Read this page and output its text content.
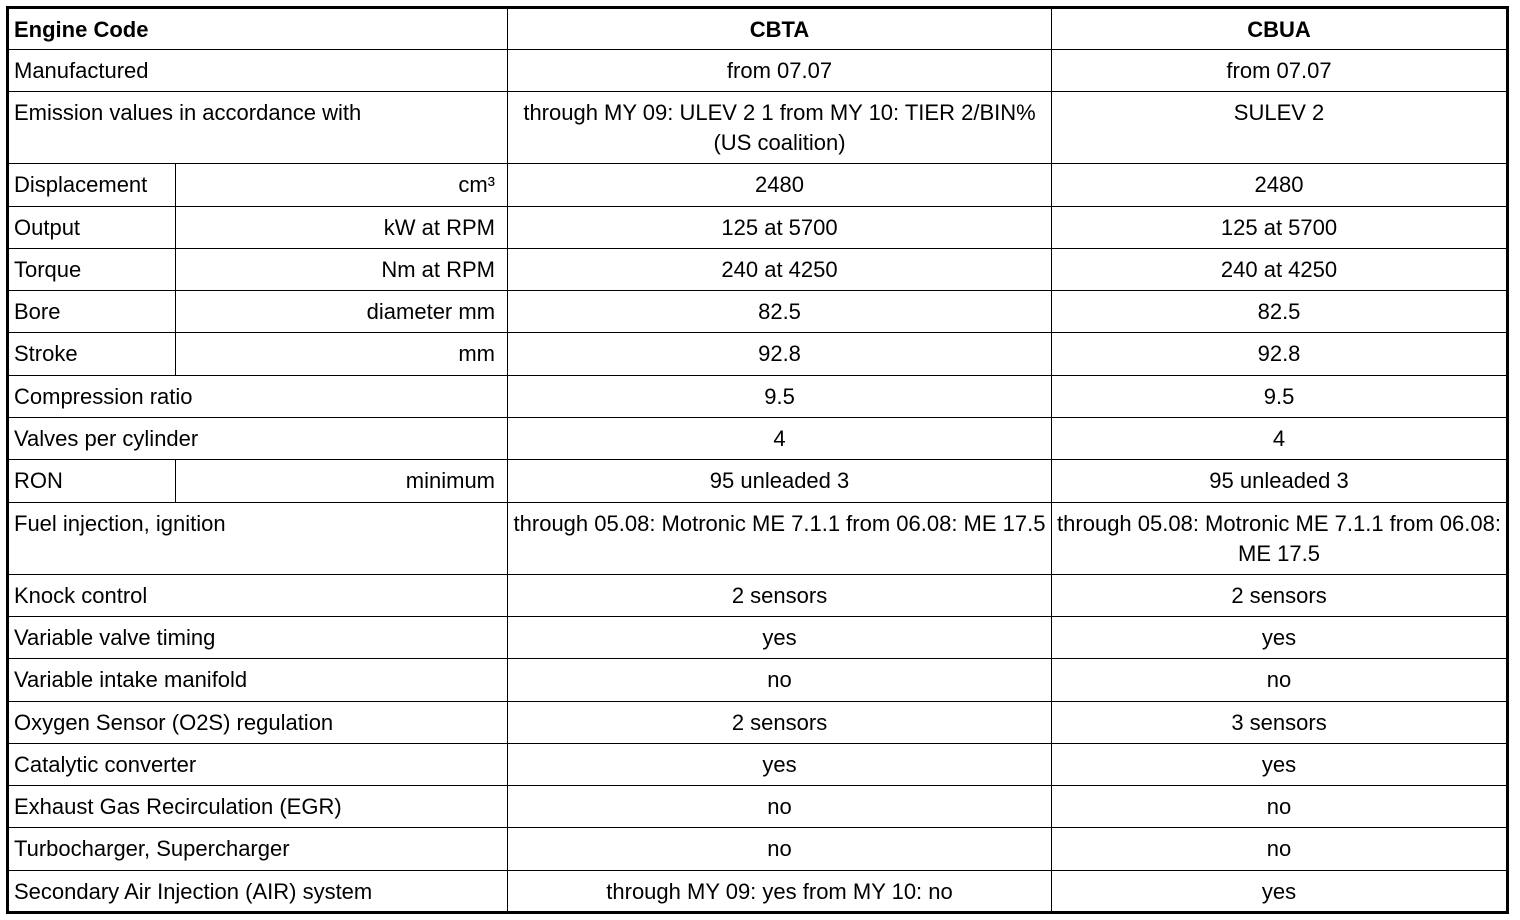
Engine Code		CBTA	CBUA
Manufactured		from 07.07	from 07.07
Emission values in accordance with		through MY 09: ULEV 2 1 from MY 10: TIER 2/BIN% (US coalition)	SULEV 2
Displacement	cm³	2480	2480
Output	kW at RPM	125 at 5700	125 at 5700
Torque	Nm at RPM	240 at 4250	240 at 4250
Bore	diameter mm	82.5	82.5
Stroke	mm	92.8	92.8
Compression ratio		9.5	9.5
Valves per cylinder		4	4
RON	minimum	95 unleaded 3	95 unleaded 3
Fuel injection, ignition		through 05.08: Motronic ME 7.1.1 from 06.08: ME 17.5	through 05.08: Motronic ME 7.1.1 from 06.08: ME 17.5
Knock control		2 sensors	2 sensors
Variable valve timing		yes	yes
Variable intake manifold		no	no
Oxygen Sensor (O2S) regulation		2 sensors	3 sensors
Catalytic converter		yes	yes
Exhaust Gas Recirculation (EGR)		no	no
Turbocharger, Supercharger		no	no
Secondary Air Injection (AIR) system		through MY 09: yes from MY 10: no	yes
